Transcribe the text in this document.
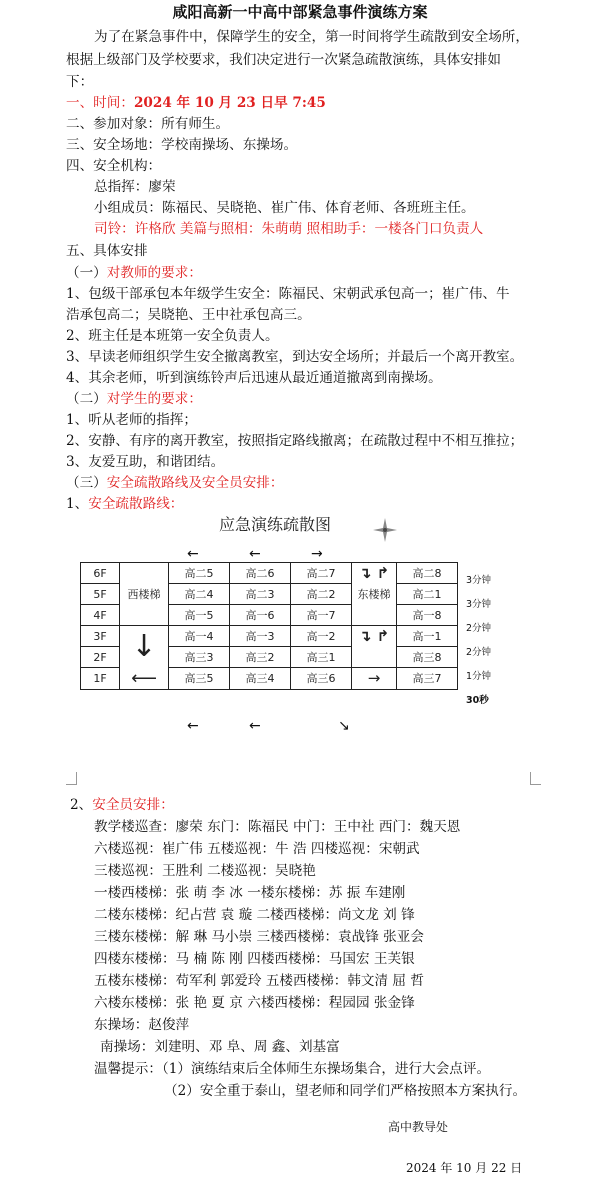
咸阳高新一中高中部紧急事件演练方案
为了在紧急事件中，保障学生的安全，第一时间将学生疏散到安全场所，
根据上级部门及学校要求，我们决定进行一次紧急疏散演练，具体安排如
下：
一、时间：2024 年 10 月 23 日早 7:45
二、参加对象：所有师生。
三、安全场地：学校南操场、东操场。
四、安全机构：
总指挥：廖荣
小组成员：陈福民、吴晓艳、崔广伟、体育老师、各班班主任。
司铃：许格欣 美篇与照相：朱萌萌 照相助手：一楼各门口负责人
五、具体安排
（一）对教师的要求：
1、包级干部承包本年级学生安全：陈福民、宋朝武承包高一；崔广伟、牛
浩承包高二；吴晓艳、王中社承包高三。
2、班主任是本班第一安全负责人。
3、早读老师组织学生安全撤离教室，到达安全场所；并最后一个离开教室。
4、其余老师，听到演练铃声后迅速从最近通道撤离到南操场。
（二）对学生的要求：
1、听从老师的指挥；
2、安静、有序的离开教室，按照指定路线撤离；在疏散过程中不相互推拉；
3、友爱互助，和谐团结。
（三）安全疏散路线及安全员安排：
1、安全疏散路线：
应急演练疏散图
←	←	→
6F	西楼梯	高二5	高二6	高二7	↴ ↱	高二8
5F		高二4	高二3	高二2	东楼梯	高二1
4F		高一5	高一6	高一7		高一8
3F	↓	高一4	高一3	高一2	↴ ↱	高一1
2F		高三3	高三2	高三1		高三8
1F	⟵	高三5	高三4	高三6	→	高三7
3分钟
3分钟
2分钟
2分钟
1分钟
30秒
←	←	↘
2、安全员安排：
教学楼巡查：廖荣 东门：陈福民 中门：王中社 西门：魏天恩
六楼巡视：崔广伟 五楼巡视：牛 浩 四楼巡视：宋朝武
三楼巡视：王胜利 二楼巡视：吴晓艳
一楼西楼梯：张 萌 李 冰 一楼东楼梯：苏 振 车建刚
二楼东楼梯：纪占营 袁 璇 二楼西楼梯：尚文龙 刘 锋
三楼东楼梯：解 琳 马小崇 三楼西楼梯：袁战锋 张亚会
四楼东楼梯：马 楠 陈 刚 四楼西楼梯：马国宏 王芙银
五楼东楼梯：苟军利 郭爱玲 五楼西楼梯：韩文清 屈 哲
六楼东楼梯：张 艳 夏 京 六楼西楼梯：程园园 张金锋
东操场：赵俊萍
南操场：刘建明、邓 阜、周 鑫、刘基富
温馨提示：（1）演练结束后全体师生东操场集合，进行大会点评。
（2）安全重于泰山，望老师和同学们严格按照本方案执行。
高中教导处
2024 年 10 月 22 日
